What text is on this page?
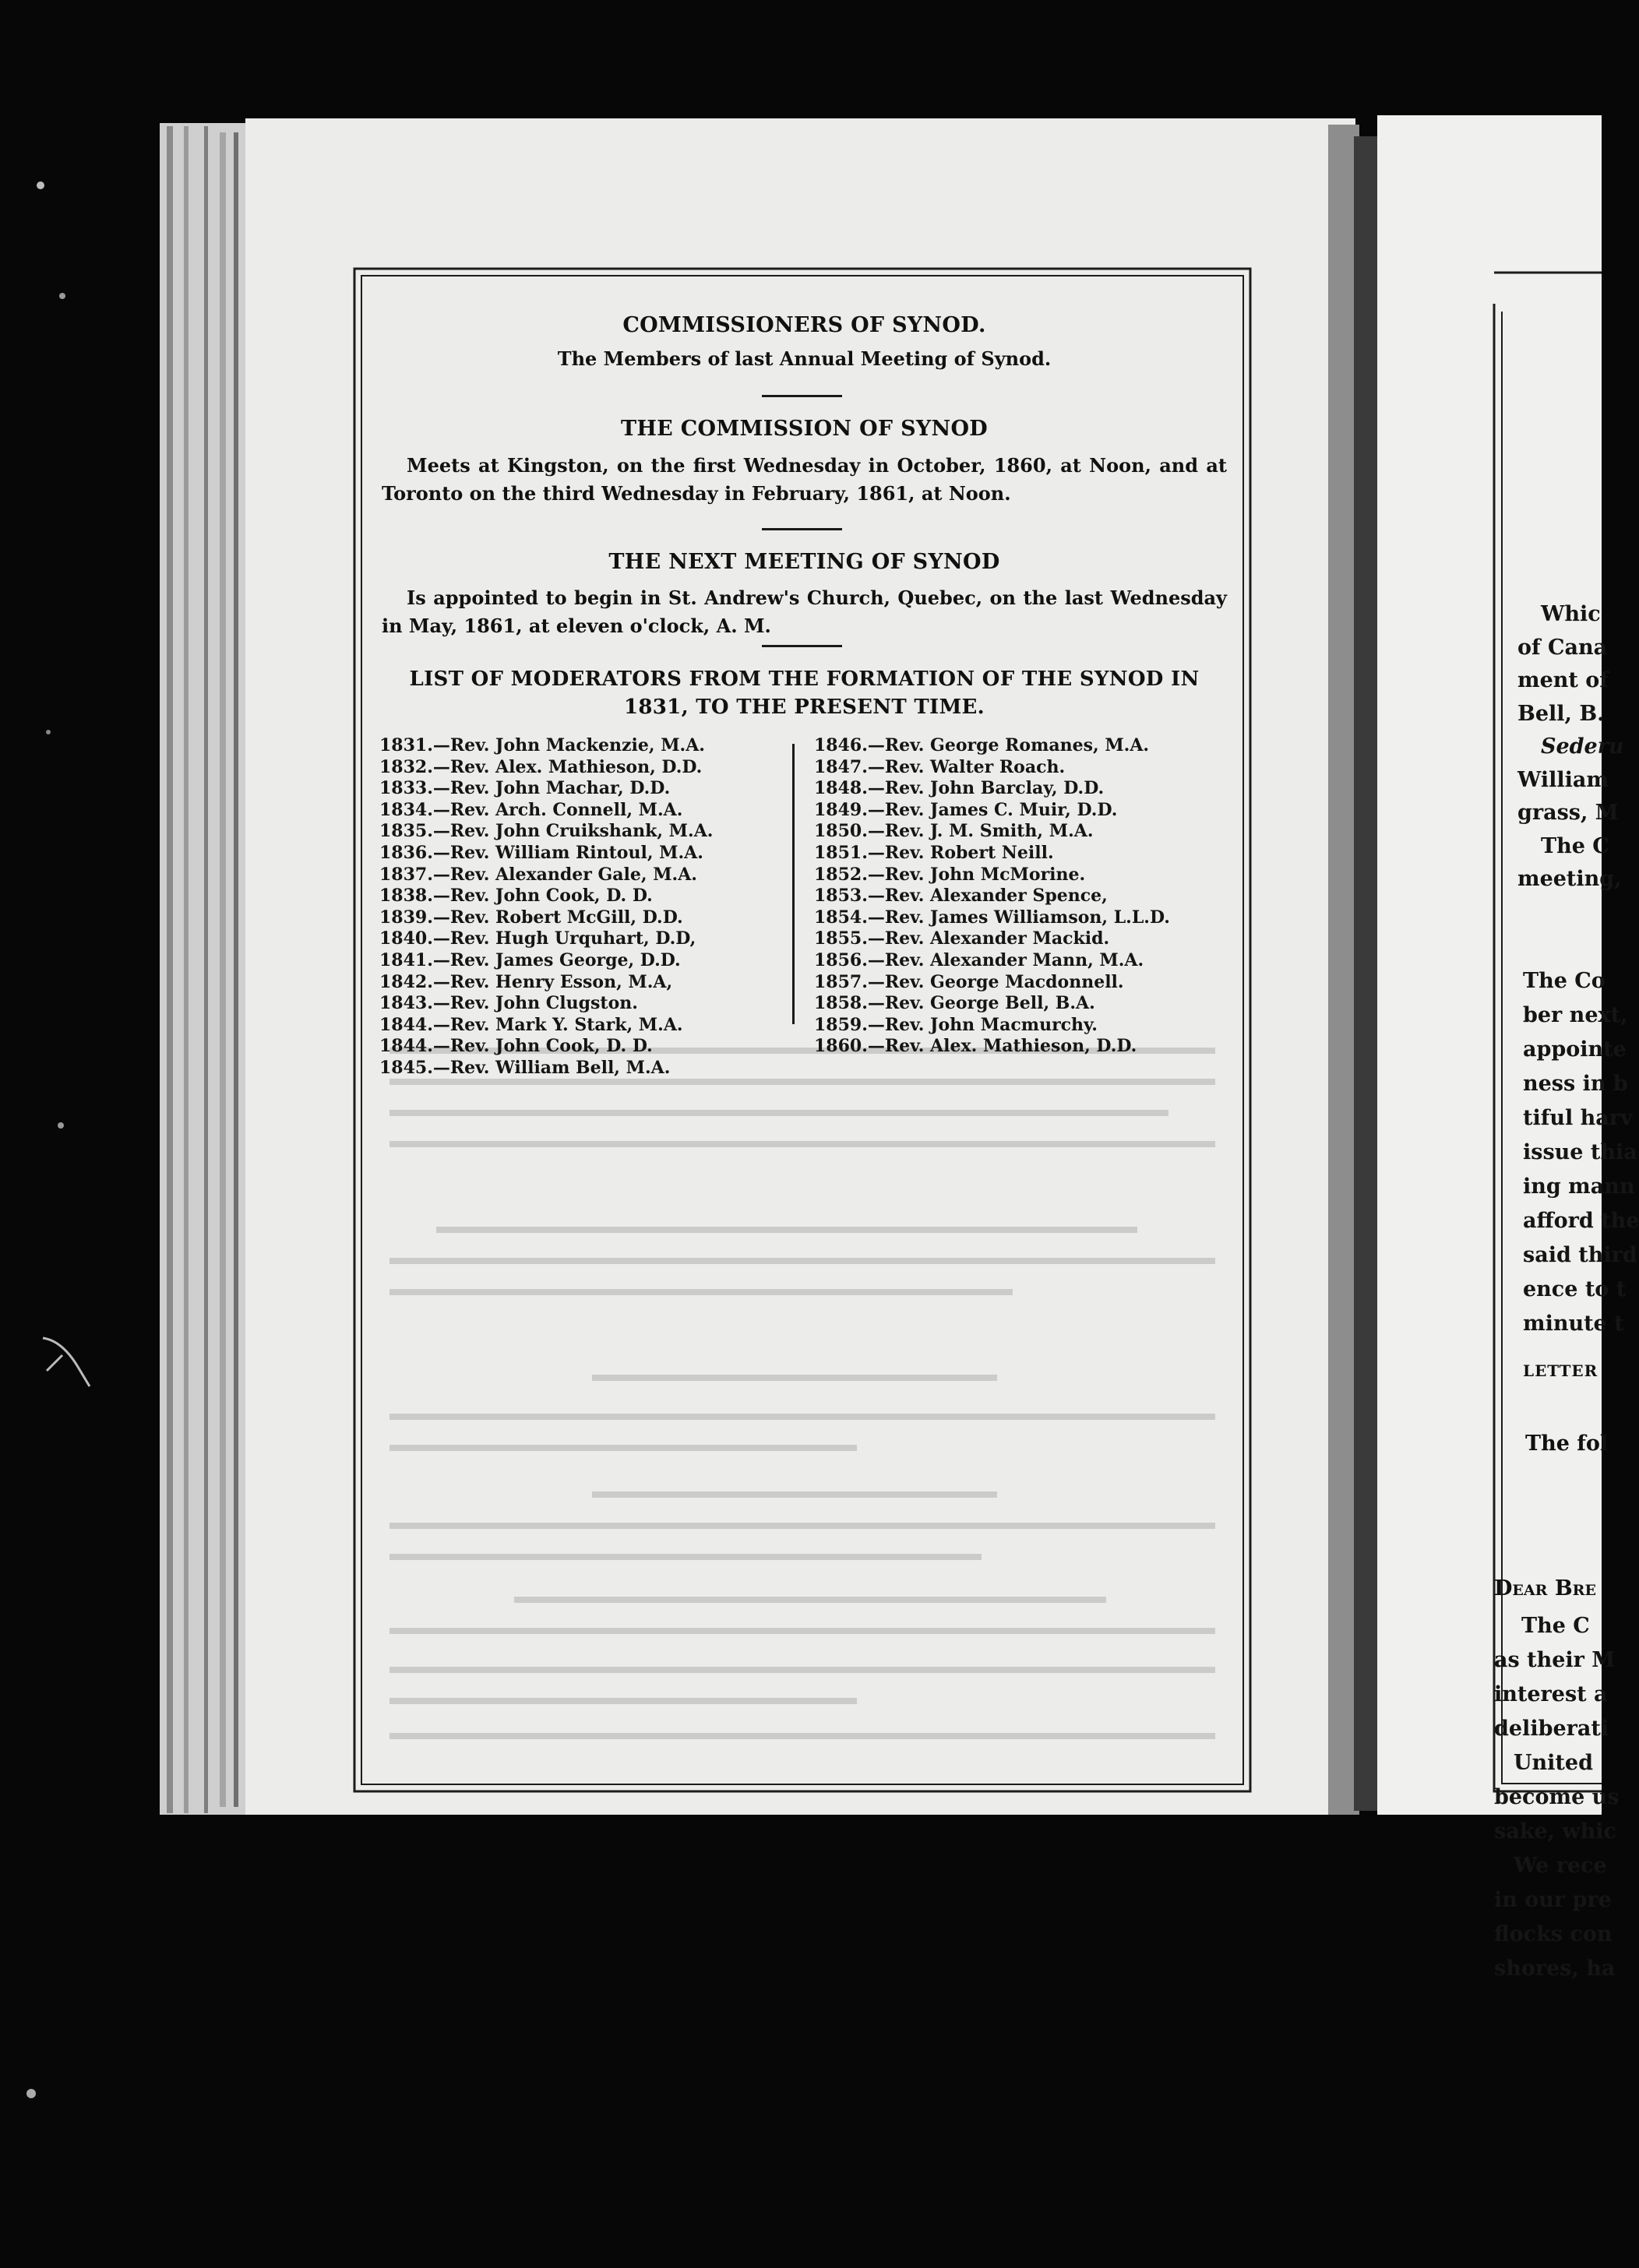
COMMISSIONERS OF SYNOD.
The Members of last Annual Meeting of Synod.
THE COMMISSION OF SYNOD
Meets at Kingston, on the first Wednesday in October, 1860, at Noon, and at Toronto on the third Wednesday in February, 1861, at Noon.
THE NEXT MEETING OF SYNOD
Is appointed to begin in St. Andrew's Church, Quebec, on the last Wednesday in May, 1861, at eleven o'clock, A. M.
LIST OF MODERATORS FROM THE FORMATION OF THE SYNOD IN
1831, TO THE PRESENT TIME.
1831.—Rev. John Mackenzie, M.A.
1832.—Rev. Alex. Mathieson, D.D.
1833.—Rev. John Machar, D.D.
1834.—Rev. Arch. Connell, M.A.
1835.—Rev. John Cruikshank, M.A.
1836.—Rev. William Rintoul, M.A.
1837.—Rev. Alexander Gale, M.A.
1838.—Rev. John Cook, D. D.
1839.—Rev. Robert McGill, D.D.
1840.—Rev. Hugh Urquhart, D.D,
1841.—Rev. James George, D.D.
1842.—Rev. Henry Esson, M.A,
1843.—Rev. John Clugston.
1844.—Rev. Mark Y. Stark, M.A.
1844.—Rev. John Cook, D. D.
1845.—Rev. William Bell, M.A.
1846.—Rev. George Romanes, M.A.
1847.—Rev. Walter Roach.
1848.—Rev. John Barclay, D.D.
1849.—Rev. James C. Muir, D.D.
1850.—Rev. J. M. Smith, M.A.
1851.—Rev. Robert Neill.
1852.—Rev. John McMorine.
1853.—Rev. Alexander Spence,
1854.—Rev. James Williamson, L.L.D.
1855.—Rev. Alexander Mackid.
1856.—Rev. Alexander Mann, M.A.
1857.—Rev. George Macdonnell.
1858.—Rev. George Bell, B.A.
1859.—Rev. John Macmurchy.
1860.—Rev. Alex. Mathieson, D.D.
Whic
of Cana
ment of
Bell, B.
Sederu
William
grass, M
The C
meeting,
The Co
ber next,
appointe
ness in b
tiful harv
issue thia
ing mann
afford the
said third
ence to t
minute t
LETTER
The fol
Dear Bre
The C
as their M
interest a
deliberati
United
become us
sake, whic
We rece
in our pre
flocks con
shores, ha
